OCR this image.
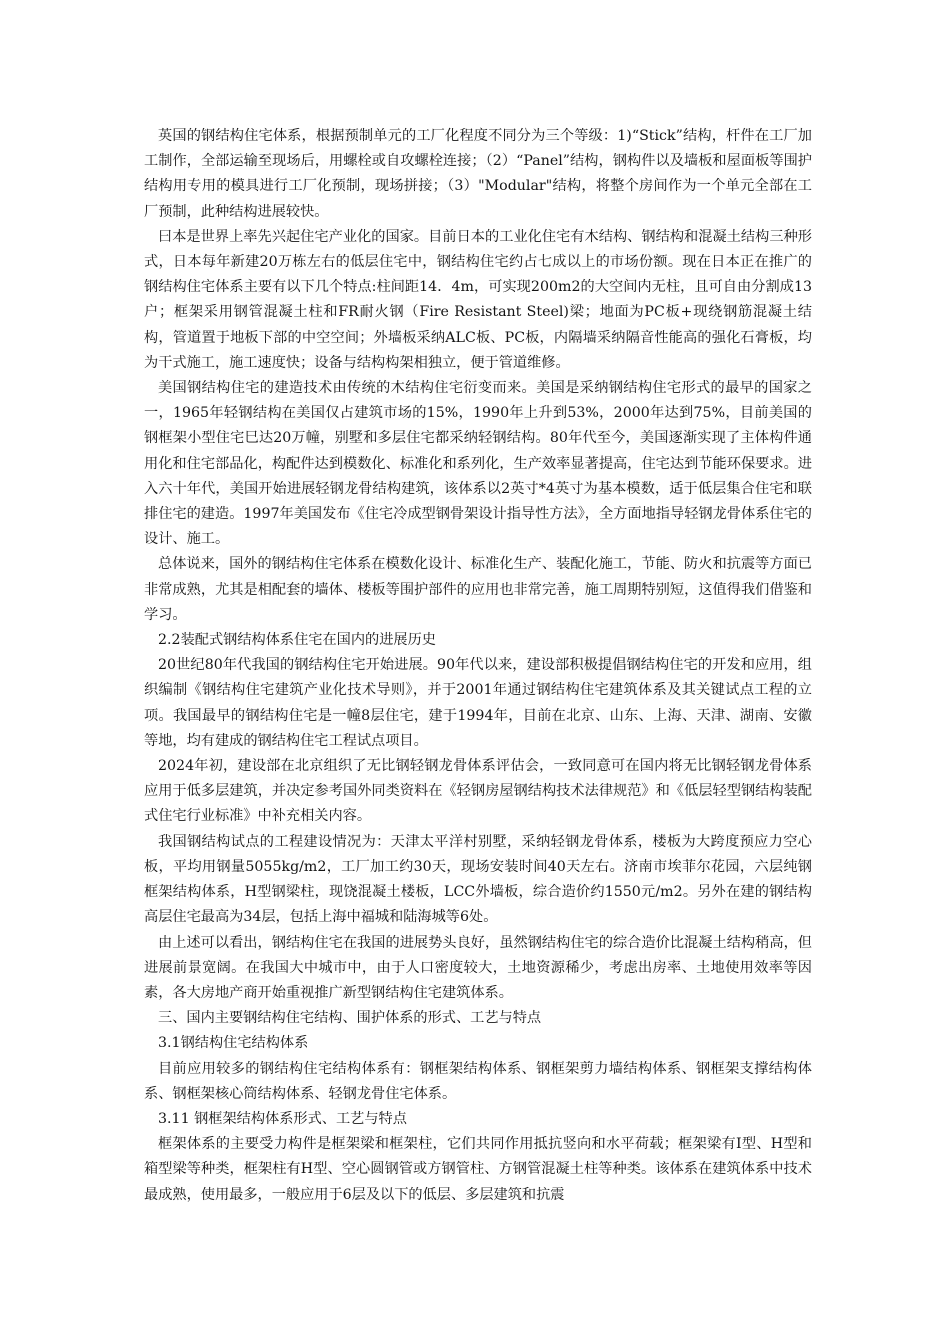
英国的钢结构住宅体系，根据预制单元的工厂化程度不同分为三个等级：1)“Stick”结构，杆件在工厂加工制作，全部运输至现场后，用螺栓或自攻螺栓连接；（2）“Panel”结构，钢构件以及墙板和屋面板等围护结构用专用的模具进行工厂化预制，现场拼接；（3）"Modular"结构，将整个房间作为一个单元全部在工厂预制，此种结构进展较快。

曰本是世界上率先兴起住宅产业化的国家。目前日本的工业化住宅有木结构、钢结构和混凝土结构三种形式，日本每年新建20万栋左右的低层住宅中，钢结构住宅约占七成以上的市场份额。现在日本正在推广的钢结构住宅体系主要有以下几个特点:柱间距14．4m，可实现200m2的大空间内无柱，且可自由分割成13户；框架采用钢管混凝土柱和FR耐火钢（Fire Resistant Steel)梁；地面为PC板+现绕钢筋混凝土结构，管道置于地板下部的中空空间；外墙板采纳ALC板、PC板，内隔墙采纳隔音性能高的强化石膏板，均为干式施工，施工速度快；设备与结构构架相独立，便于管道维修。

美国钢结构住宅的建造技术由传统的木结构住宅衍变而来。美国是采纳钢结构住宅形式的最早的国家之一，1965年轻钢结构在美国仅占建筑市场的15%，1990年上升到53%，2000年达到75%，目前美国的钢框架小型住宅巳达20万幢，别墅和多层住宅都采纳轻钢结构。80年代至今，美国逐渐实现了主体构件通用化和住宅部品化，构配件达到模数化、标准化和系列化，生产效率显著提高，住宅达到节能环保要求。进入六十年代，美国开始进展轻钢龙骨结构建筑，该体系以2英寸*4英寸为基本模数，适于低层集合住宅和联排住宅的建造。1997年美国发布《住宅冷成型钢骨架设计指导性方法》，全方面地指导轻钢龙骨体系住宅的设计、施工。

总体说来，国外的钢结构住宅体系在模数化设计、标准化生产、装配化施工，节能、防火和抗震等方面已非常成熟，尤其是相配套的墙体、楼板等围护部件的应用也非常完善，施工周期特别短，这值得我们借鉴和学习。

2.2装配式钢结构体系住宅在国内的进展历史

20世纪80年代我国的钢结构住宅开始进展。90年代以来，建设部积极提倡钢结构住宅的开发和应用，组织编制《钢结构住宅建筑产业化技术导则》，并于2001年通过钢结构住宅建筑体系及其关键试点工程的立项。我国最早的钢结构住宅是一幢8层住宅，建于1994年，目前在北京、山东、上海、天津、湖南、安徽等地，均有建成的钢结构住宅工程试点项目。

2024年初，建设部在北京组织了无比钢轻钢龙骨体系评估会，一致同意可在国内将无比钢轻钢龙骨体系应用于低多层建筑，并决定参考国外同类资料在《轻钢房屋钢结构技术法律规范》和《低层轻型钢结构装配式住宅行业标准》中补充相关内容。

我国钢结构试点的工程建设情况为：天津太平洋村别墅，采纳轻钢龙骨体系，楼板为大跨度预应力空心板，平均用钢量5055kg/m2，工厂加工约30天，现场安装时间40天左右。济南市埃菲尔花园，六层纯钢框架结构体系，H型钢梁柱，现饶混凝土楼板，LCC外墙板，综合造价约1550元/m2。另外在建的钢结构高层住宅最高为34层，包括上海中福城和陆海城等6处。

由上述可以看出，钢结构住宅在我国的进展势头良好，虽然钢结构住宅的综合造价比混凝土结构稍高，但进展前景宽阔。在我国大中城市中，由于人口密度较大，土地资源稀少，考虑出房率、土地使用效率等因素，各大房地产商开始重视推广新型钢结构住宅建筑体系。

三、国内主要钢结构住宅结构、围护体系的形式、工艺与特点

3.1钢结构住宅结构体系

目前应用较多的钢结构住宅结构体系有：钢框架结构体系、钢框架剪力墙结构体系、钢框架支撑结构体系、钢框架核心筒结构体系、轻钢龙骨住宅体系。

3.11 钢框架结构体系形式、工艺与特点

框架体系的主要受力构件是框架梁和框架柱，它们共同作用抵抗竖向和水平荷载；框架梁有I型、H型和箱型梁等种类，框架柱有H型、空心圆钢管或方钢管柱、方钢管混凝土柱等种类。该体系在建筑体系中技术最成熟，使用最多，一般应用于6层及以下的低层、多层建筑和抗震
